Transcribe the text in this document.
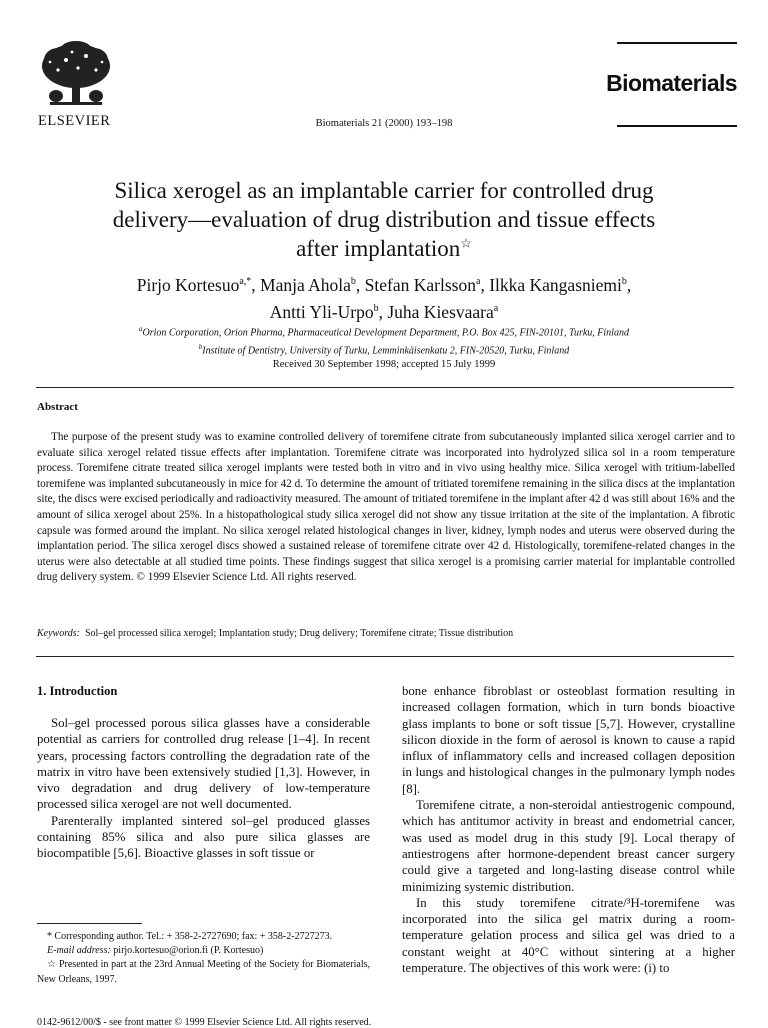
ELSEVIER	Biomaterials 21 (2000) 193–198
Biomaterials
Silica xerogel as an implantable carrier for controlled drug
delivery—evaluation of drug distribution and tissue effects
after implantation☆
Pirjo Kortesuo$^{a,*}$, Manja Ahola$^b$, Stefan Karlsson$^a$, Ilkka Kangasniemi$^b$,
Antti Yli-Urpo$^b$, Juha Kiesvaara$^a$
$^a$Orion Corporation, Orion Pharma, Pharmaceutical Development Department, P.O. Box 425, FIN-20101, Turku, Finland
$^b$Institute of Dentistry, University of Turku, Lemminkäisenkatu 2, FIN-20520, Turku, Finland
Received 30 September 1998; accepted 15 July 1999
Abstract
The purpose of the present study was to examine controlled delivery of toremifene citrate from subcutaneously implanted silica xerogel carrier and to evaluate silica xerogel related tissue effects after implantation. Toremifene citrate was incorporated into hydrolyzed silica sol in a room temperature process. Toremifene citrate treated silica xerogel implants were tested both in vitro and in vivo using healthy mice. Silica xerogel with tritium-labelled toremifene was implanted subcutaneously in mice for 42 d. To determine the amount of tritiated toremifene remaining in the silica discs at the implantation site, the discs were excised periodically and radioactivity measured. The amount of tritiated toremifene in the implant after 42 d was still about 16% and the amount of silica xerogel about 25%. In a histopathological study silica xerogel did not show any tissue irritation at the site of the implantation. A fibrotic capsule was formed around the implant. No silica xerogel related histological changes in liver, kidney, lymph nodes and uterus were observed during the implantation period. The silica xerogel discs showed a sustained release of toremifene citrate over 42 d. Histologically, toremifene-related changes in the uterus were also detectable at all studied time points. These findings suggest that silica xerogel is a promising carrier material for implantable controlled drug delivery system. © 1999 Elsevier Science Ltd. All rights reserved.
Keywords: Sol–gel processed silica xerogel; Implantation study; Drug delivery; Toremifene citrate; Tissue distribution
1. Introduction

Sol–gel processed porous silica glasses have a considerable potential as carriers for controlled drug release [1–4]. In recent years, processing factors controlling the degradation rate of the matrix in vitro have been extensively studied [1,3]. However, in vivo degradation and drug delivery of low-temperature processed silica xerogel are not well documented.

Parenterally implanted sintered sol–gel produced glasses containing 85% silica and also pure silica glasses are biocompatible [5,6]. Bioactive glasses in soft tissue or

bone enhance fibroblast or osteoblast formation resulting in increased collagen formation, which in turn bonds bioactive glass implants to bone or soft tissue [5,7]. However, crystalline silicon dioxide in the form of aerosol is known to cause a rapid influx of inflammatory cells and increased collagen deposition in lungs and histological changes in the pulmonary lymph nodes [8].

Toremifene citrate, a non-steroidal antiestrogenic compound, which has antitumor activity in breast and endometrial cancer, was used as model drug in this study [9]. Local therapy of antiestrogens after hormone-dependent breast cancer surgery could give a targeted and long-lasting disease control while minimizing systemic distribution.

In this study toremifene citrate/³H-toremifene was incorporated into the silica gel matrix during a room-temperature gelation process and silica gel was dried to a constant weight at 40°C without sintering at a higher temperature. The objectives of this work were: (i) to

* Corresponding author. Tel.: + 358-2-2727690; fax: + 358-2-2727273.

E-mail address: pirjo.kortesuo@orion.fi (P. Kortesuo)

☆ Presented in part at the 23rd Annual Meeting of the Society for Biomaterials, New Orleans, 1997.

0142-9612/00/$ - see front matter © 1999 Elsevier Science Ltd. All rights reserved.
